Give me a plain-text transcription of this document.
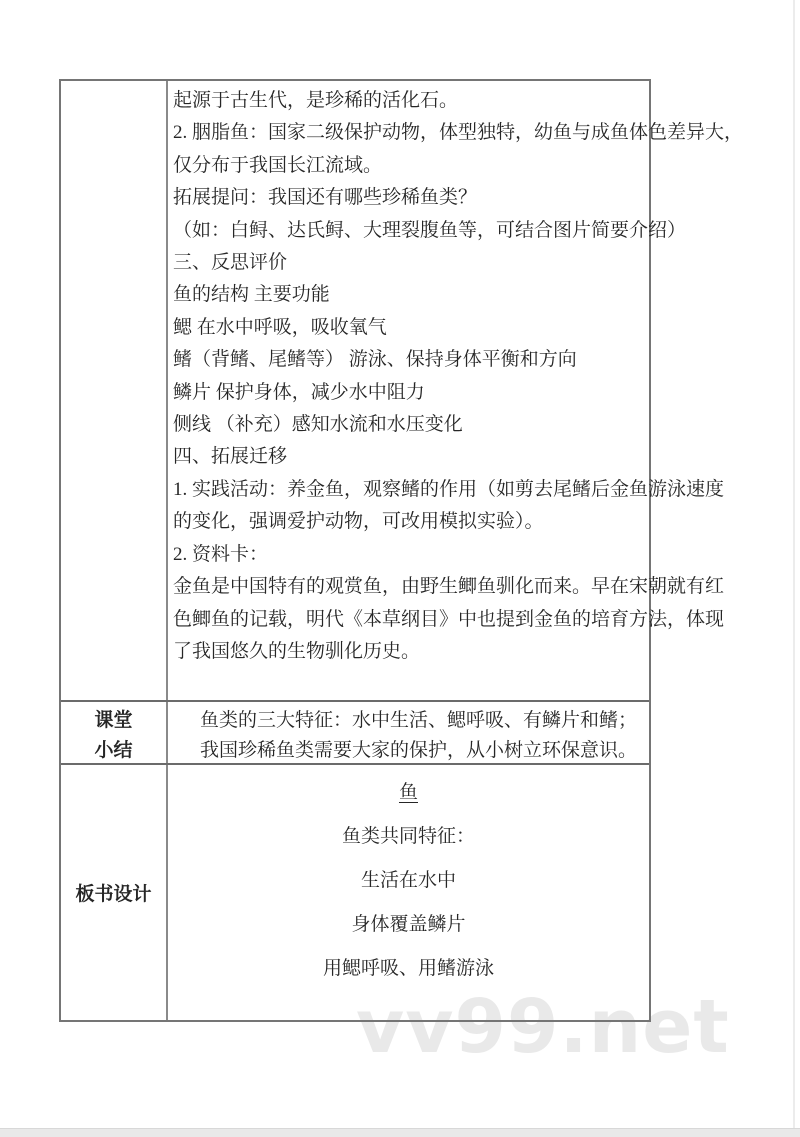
vv99.net

起源于古生代，是珍稀的活化石。

2. 胭脂鱼：国家二级保护动物，体型独特，幼鱼与成鱼体色差异大，

仅分布于我国长江流域。

拓展提问：我国还有哪些珍稀鱼类？

（如：白鲟、达氏鲟、大理裂腹鱼等，可结合图片简要介绍）

三、反思评价

鱼的结构 主要功能

鳃 在水中呼吸，吸收氧气

鳍（背鳍、尾鳍等） 游泳、保持身体平衡和方向

鳞片 保护身体，减少水中阻力

侧线 （补充）感知水流和水压变化

四、拓展迁移

1. 实践活动：养金鱼，观察鳍的作用（如剪去尾鳍后金鱼游泳速度

的变化，强调爱护动物，可改用模拟实验）。

2. 资料卡：

金鱼是中国特有的观赏鱼，由野生鲫鱼驯化而来。早在宋朝就有红

色鲫鱼的记载，明代《本草纲目》中也提到金鱼的培育方法，体现

了我国悠久的生物驯化历史。

课堂

小结

鱼类的三大特征：水中生活、鳃呼吸、有鳞片和鳍；

我国珍稀鱼类需要大家的保护，从小树立环保意识。

板书设计

鱼

鱼类共同特征：

生活在水中

身体覆盖鳞片

用鳃呼吸、用鳍游泳
